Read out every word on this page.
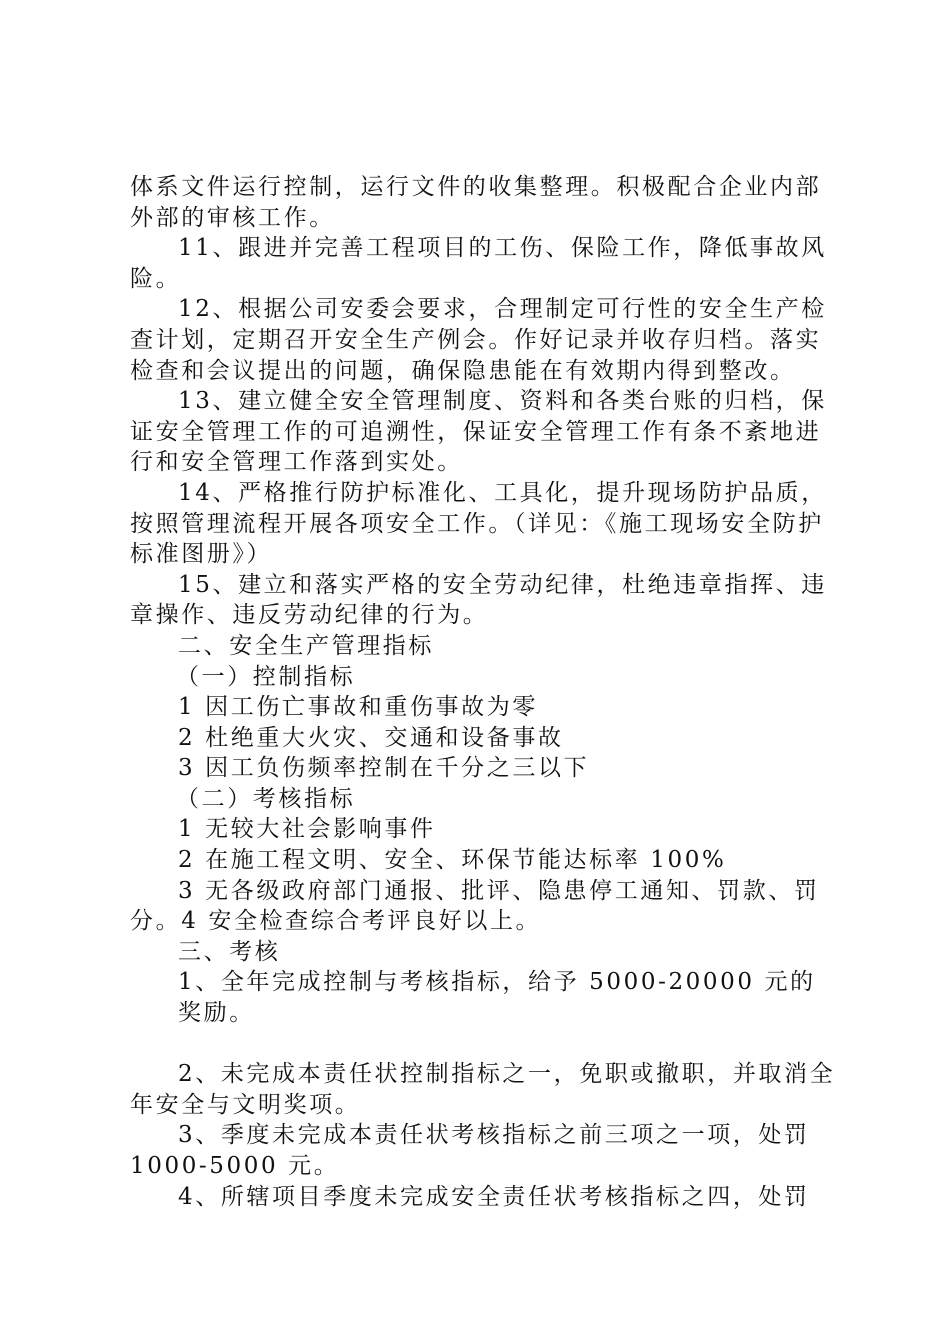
体系文件运行控制，运行文件的收集整理。积极配合企业内部外部的审核工作。

11、跟进并完善工程项目的工伤、保险工作，降低事故风险。

12、根据公司安委会要求，合理制定可行性的安全生产检查计划，定期召开安全生产例会。作好记录并收存归档。落实检查和会议提出的问题，确保隐患能在有效期内得到整改。

13、建立健全安全管理制度、资料和各类台账的归档，保证安全管理工作的可追溯性，保证安全管理工作有条不紊地进行和安全管理工作落到实处。

14、严格推行防护标准化、工具化，提升现场防护品质，按照管理流程开展各项安全工作。（详见：《施工现场安全防护标准图册》）

15、建立和落实严格的安全劳动纪律，杜绝违章指挥、违章操作、违反劳动纪律的行为。

二、安全生产管理指标

（一）控制指标

1 因工伤亡事故和重伤事故为零

2 杜绝重大火灾、交通和设备事故

3 因工负伤频率控制在千分之三以下

（二）考核指标

1 无较大社会影响事件

2 在施工程文明、安全、环保节能达标率 100%

3 无各级政府部门通报、批评、隐患停工通知、罚款、罚分。4 安全检查综合考评良好以上。

三、考核

1、全年完成控制与考核指标，给予 5000-20000 元的奖励。

2、未完成本责任状控制指标之一，免职或撤职，并取消全年安全与文明奖项。

3、季度未完成本责任状考核指标之前三项之一项，处罚 1000-5000 元。

4、所辖项目季度未完成安全责任状考核指标之四，处罚
